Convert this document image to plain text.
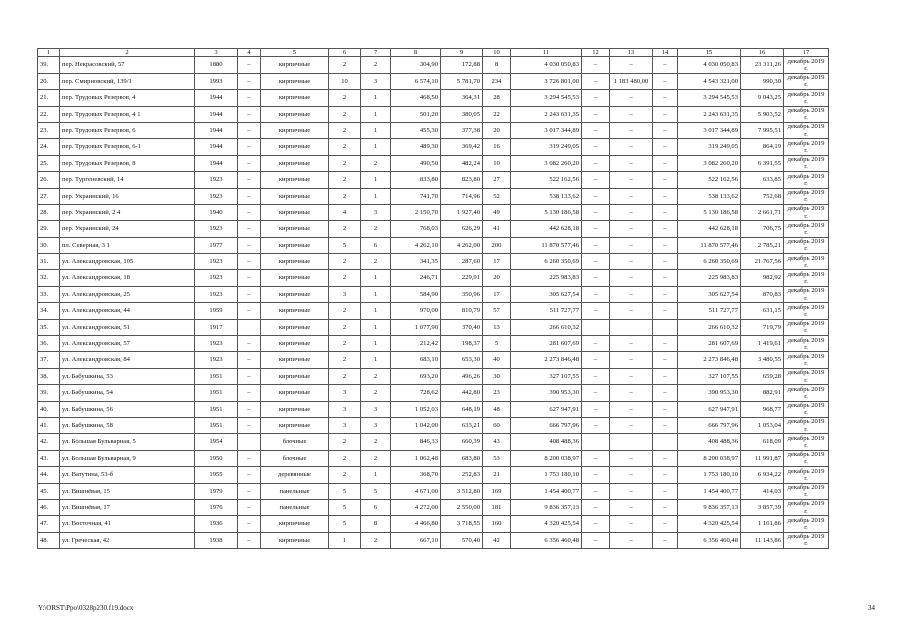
1	2	3	4	5	6	7	8	9	10	11	12	13	14	15	16	17
39.	пер. Некрасовский, 57	1880	–	кирпичные	2	2	304,90	172,88	8	4 030 050,83	–	–	–	4 030 050,83	23 311,26	декабрь 2019 г.
20.	пер. Смирновский, 139/1	1993	–	кирпичные	10	3	6 574,10	5 781,70	234	3 726 801,00	–	1 183 480,00	–	4 543 321,00	990,30	декабрь 2019 г.
21.	пер. Трудовых Резервов, 4	1944	–	кирпичные	2	1	468,50	364,31	28	3 294 545,53	–	–	–	3 294 545,53	9 043,25	декабрь 2019 г.
22.	пер. Трудовых Резервов, 4 1	1944	–	кирпичные	2	1	501,20	380,05	22	2 243 631,35	–	–	–	2 243 631,35	5 903,52	декабрь 2019 г.
23.	пер. Трудовых Резервов, 6	1944	–	кирпичные	2	1	455,30	377,38	20	3 017 344,89	–	–	–	3 017 344,89	7 995,51	декабрь 2019 г.
24.	пер. Трудовых Резервов, 6-1	1944	–	кирпичные	2	1	489,30	369,42	16	319 249,05	–	–	–	319 249,05	864,19	декабрь 2019 г.
25.	пер. Трудовых Резервов, 8	1944	–	кирпичные	2	2	490,50	482,24	10	3 082 260,20	–	–	–	3 082 260,20	6 391,55	декабрь 2019 г.
26.	пер. Тургеневский, 14	1923	–	кирпичные	2	1	833,80	823,80	27	522 162,56	–	–	–	522 162,56	633,85	декабрь 2019 г.
27.	пер. Украинский, 16	1923	–	кирпичные	2	1	741,70	714,96	52	538 133,62	–	–	–	538 133,62	752,68	декабрь 2019 г.
28.	пер. Украинский, 2 4	1940	–	кирпичные	4	3	2 150,70	1 927,40	49	5 130 186,58	–	–	–	5 130 186,58	2 661,71	декабрь 2019 г.
29.	пер. Украинский, 24	1923	–	кирпичные	2	2	768,03	626,29	41	442 628,18	–	–	–	442 628,18	706,75	декабрь 2019 г.
30.	пл. Северная, 3 1	1977	–	кирпичные	5	6	4 262,10	4 262,00	200	11 870 577,46	–	–	–	11 870 577,46	2 785,21	декабрь 2019 г.
31.	ул. Александровская, 105	1923	–	кирпичные	2	2	341,35	287,60	17	6 260 350,69	–	–	–	6 260 350,69	21 767,56	декабрь 2019 г.
32.	ул. Александровская, 18	1923	–	кирпичные	2	1	246,71	229,91	20	225 983,83	–	–	–	225 983,83	982,92	декабрь 2019 г.
33.	ул. Александровская, 25	1923	–	кирпичные	3	1	584,90	350,96	17	305 627,54	–	–	–	305 627,54	870,83	декабрь 2019 г.
34.	ул. Александровская, 44	1959	–	кирпичные	2	1	970,00	810,79	57	511 727,77	–	–	–	511 727,77	631,15	декабрь 2019 г.
35.	ул. Александровская, 51	1917		кирпичные	2	1	1 077,90	370,40	13	266 610,32				266 610,32	719,79	декабрь 2019 г.
36.	ул. Александровская, 57	1923	–	кирпичные	2	1	212,42	198,37	5	281 607,69	–	–	–	281 607,69	1 419,61	декабрь 2019 г.
37.	ул. Александровская, 84	1923	–	кирпичные	2	1	683,10	653,30	40	2 273 846,48	–	–	–	2 273 846,48	3 480,55	декабрь 2019 г.
38.	ул. Бабушкина, 53	1951	–	кирпичные	2	2	693,20	496,26	30	327 107,55	–	–	–	327 107,55	659,28	декабрь 2019 г.
39.	ул. Бабушкина, 54	1951	–	кирпичные	3	2	728,62	442,80	23	390 953,30	–	–	–	390 953,30	882,91	декабрь 2019 г.
40.	ул. Бабушкина, 56	1951	–	кирпичные	3	3	1 052,03	648,19	48	627 947,91	–	–	–	627 947,91	968,77	декабрь 2019 г.
41.	ул. Бабушкина, 58	1951	–	кирпичные	3	3	1 042,00	633,21	60	666 797,96	–	–	–	666 797,96	1 053,04	декабрь 2019 г.
42.	ул. Большая Бульварная, 5	1954		блочные	2	2	846,33	660,39	43	408 488,36				408 488,36	618,09	декабрь 2019 г.
43.	ул. Большая Бульварная, 9	1950	–	блочные	2	2	1 062,48	683,80	53	8 200 038,97	–	–	–	8 200 038,97	11 991,87	декабрь 2019 г.
44.	ул. Ватутина, 53-б	1955	–	деревянные	2	1	368,70	252,83	21	1 753 180,10	–	–	–	1 753 180,10	6 934,22	декабрь 2019 г.
45.	ул. Вишнёвая, 15	1979	–	панельные	5	5	4 671,00	3 512,80	169	1 454 400,77	–	–	–	1 454 400,77	414,03	декабрь 2019 г.
46.	ул. Вишнёвая, 17	1976	–	панельные	5	6	4 272,00	2 550,00	181	9 836 357,13	–	–	–	9 836 357,13	3 857,39	декабрь 2019 г.
47.	ул. Восточная, 41	1936	–	кирпичные	5	8	4 466,80	3 718,55	160	4 320 425,54	–	–	–	4 320 425,54	1 161,86	декабрь 2019 г.
48.	ул. Греческая, 42	1938	–	кирпичные	1	2	667,10	570,40	42	6 356 460,48	–	–	–	6 356 460,48	11 143,86	декабрь 2019 г.
Y:\ORST\Ppo\0328p230.f19.docx	34
